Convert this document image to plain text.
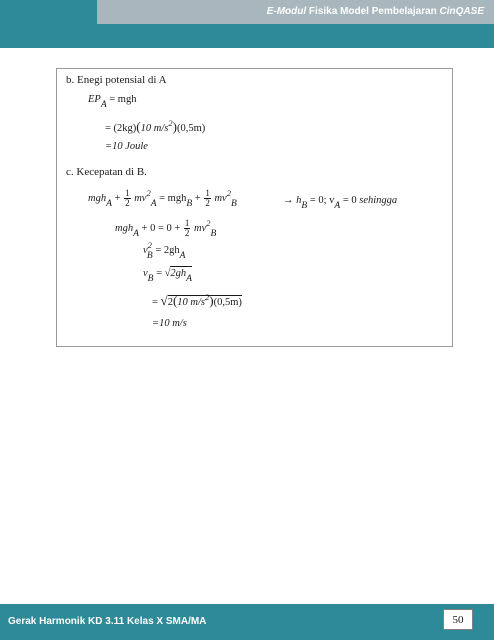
E-Modul Fisika Model Pembelajaran CinQASE
b. Enegi potensial di A
EPA = mgh
= (2kg)(10 $m/s^2)(0,5m)$
=10 Joule
c. Kecepatan di B.
mghA + $\frac{1}{2} mv^2A$ = mghB + $\frac{1}{2} mv^2B$	→ hB = 0; vA = 0 sehingga
mghA + $0 = 0 + \frac{1}{2} mv^2B$
$v^2B = 2ghA$
vB = √2ghA
= √2(10 $m/s^2)(0,5m)$
=10 m/s
Gerak Harmonik KD 3.11 Kelas X SMA/MA	50
